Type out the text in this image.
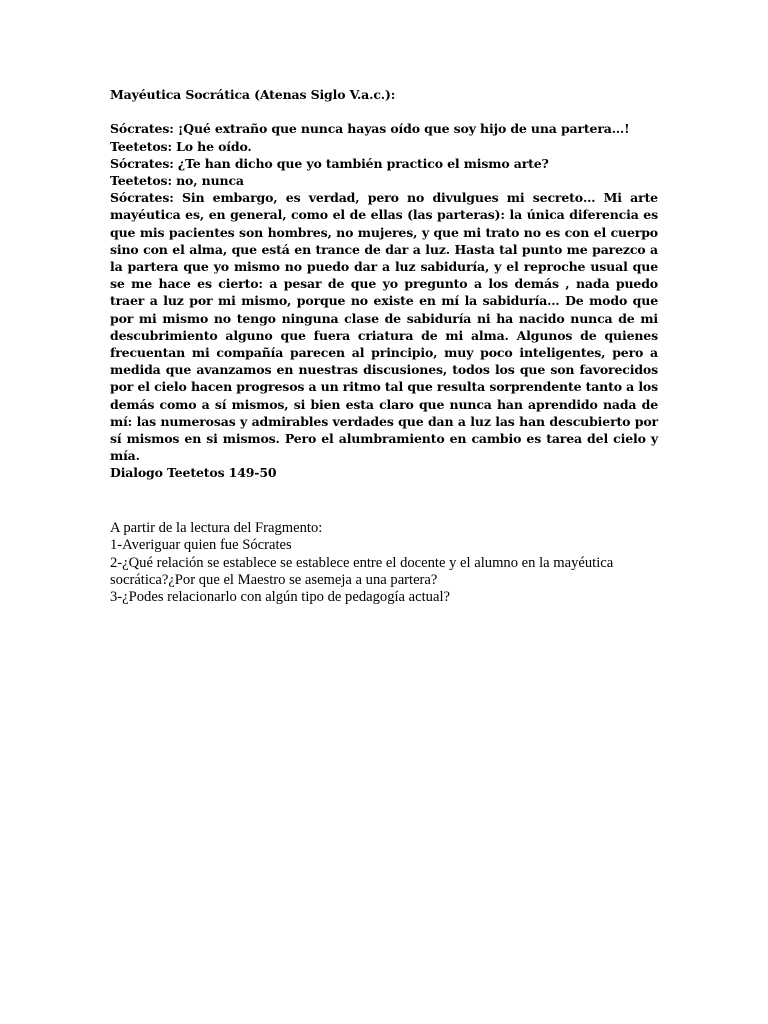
Mayéutica Socrática (Atenas Siglo V.a.c.):

Sócrates: ¡Qué extraño que nunca hayas oído que soy hijo de una partera…!

Teetetos: Lo he oído.

Sócrates: ¿Te han dicho que yo también practico el mismo arte?

Teetetos: no, nunca

Sócrates: Sin embargo, es verdad, pero no divulgues mi secreto… Mi arte mayéutica es, en general, como el de ellas (las parteras): la única diferencia es que mis pacientes son hombres, no mujeres, y que mi trato no es con el cuerpo sino con el alma, que está en trance de dar a luz. Hasta tal punto me parezco a la partera que yo mismo no puedo dar a luz sabiduría, y el reproche usual que se me hace es cierto: a pesar de que yo pregunto a los demás , nada puedo traer a luz por mi mismo, porque no existe en mí la sabiduría… De modo que por mi mismo no tengo ninguna clase de sabiduría ni ha nacido nunca de mi descubrimiento alguno que fuera criatura de mi alma. Algunos de quienes frecuentan mi compañía parecen al principio, muy poco inteligentes, pero a medida que avanzamos en nuestras discusiones, todos los que son favorecidos por el cielo hacen progresos a un ritmo tal que resulta sorprendente tanto a los demás como a sí mismos, si bien esta claro que nunca han aprendido nada de mí: las numerosas y admirables verdades que dan a luz las han descubierto por sí mismos en si mismos. Pero el alumbramiento en cambio es tarea del cielo y mía.

Dialogo Teetetos 149-50

A partir de la lectura del Fragmento:

1-Averiguar quien fue Sócrates

2-¿Qué relación se establece se establece entre el docente y el alumno en la mayéutica socrática?¿Por que el Maestro se asemeja a una partera?

3-¿Podes relacionarlo con algún tipo de pedagogía actual?
